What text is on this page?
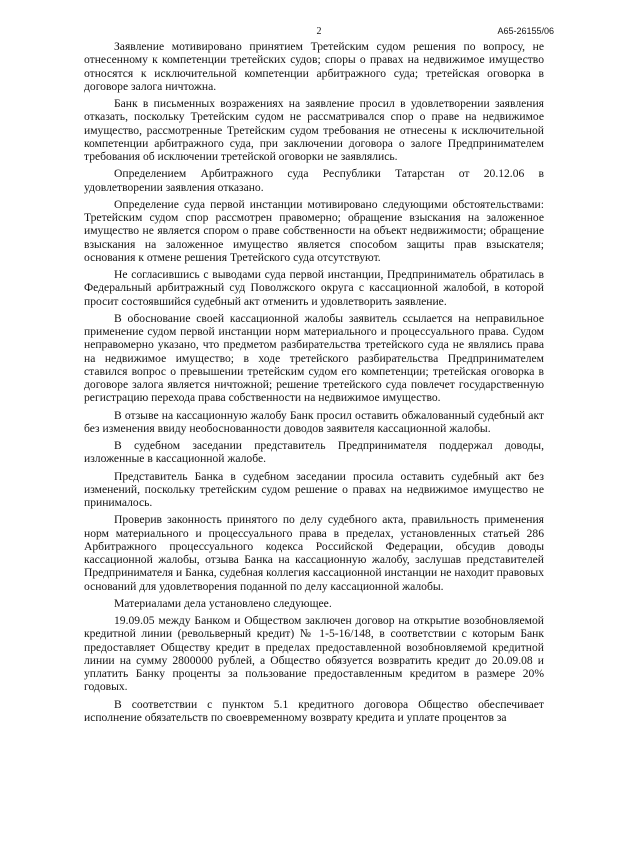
2	А65-26155/06

Заявление мотивировано принятием Третейским судом решения по вопросу, не отнесенному к компетенции третейских судов; споры о правах на недвижимое имущество относятся к исключительной компетенции арбитражного суда; третейская оговорка в договоре залога ничтожна.

Банк в письменных возражениях на заявление просил в удовлетворении заявления отказать, поскольку Третейским судом не рассматривался спор о праве на недвижимое имущество, рассмотренные Третейским судом требования не отнесены к исключительной компетенции арбитражного суда, при заключении договора о залоге Предпринимателем требования об исключении третейской оговорки не заявлялись.

Определением Арбитражного суда Республики Татарстан от 20.12.06 в удовлетворении заявления отказано.

Определение суда первой инстанции мотивировано следующими обстоятельствами: Третейским судом спор рассмотрен правомерно; обращение взыскания на заложенное имущество не является спором о праве собственности на объект недвижимости; обращение взыскания на заложенное имущество является способом защиты прав взыскателя; основания к отмене решения Третейского суда отсутствуют.

Не согласившись с выводами суда первой инстанции, Предприниматель обратилась в Федеральный арбитражный суд Поволжского округа с кассационной жалобой, в которой просит состоявшийся судебный акт отменить и удовлетворить заявление.

В обоснование своей кассационной жалобы заявитель ссылается на неправильное применение судом первой инстанции норм материального и процессуального права. Судом неправомерно указано, что предметом разбирательства третейского суда не являлись права на недвижимое имущество; в ходе третейского разбирательства Предпринимателем ставился вопрос о превышении третейским судом его компетенции; третейская оговорка в договоре залога является ничтожной; решение третейского суда повлечет государственную регистрацию перехода права собственности на недвижимое имущество.

В отзыве на кассационную жалобу Банк просил оставить обжалованный судебный акт без изменения ввиду необоснованности доводов заявителя кассационной жалобы.

В судебном заседании представитель Предпринимателя поддержал доводы, изложенные в кассационной жалобе.

Представитель Банка в судебном заседании просила оставить судебный акт без изменений, поскольку третейским судом решение о правах на недвижимое имущество не принималось.

Проверив законность принятого по делу судебного акта, правильность применения норм материального и процессуального права в пределах, установленных статьей 286 Арбитражного процессуального кодекса Российской Федерации, обсудив доводы кассационной жалобы, отзыва Банка на кассационную жалобу, заслушав представителей Предпринимателя и Банка, судебная коллегия кассационной инстанции не находит правовых оснований для удовлетворения поданной по делу кассационной жалобы.

Материалами дела установлено следующее.

19.09.05 между Банком и Обществом заключен договор на открытие возобновляемой кредитной линии (револьверный кредит) № 1-5-16/148, в соответствии с которым Банк предоставляет Обществу кредит в пределах предоставленной возобновляемой кредитной линии на сумму 2800000 рублей, а Общество обязуется возвратить кредит до 20.09.08 и уплатить Банку проценты за пользование предоставленным кредитом в размере 20% годовых.

В соответствии с пунктом 5.1 кредитного договора Общество обеспечивает исполнение обязательств по своевременному возврату кредита и уплате процентов за
